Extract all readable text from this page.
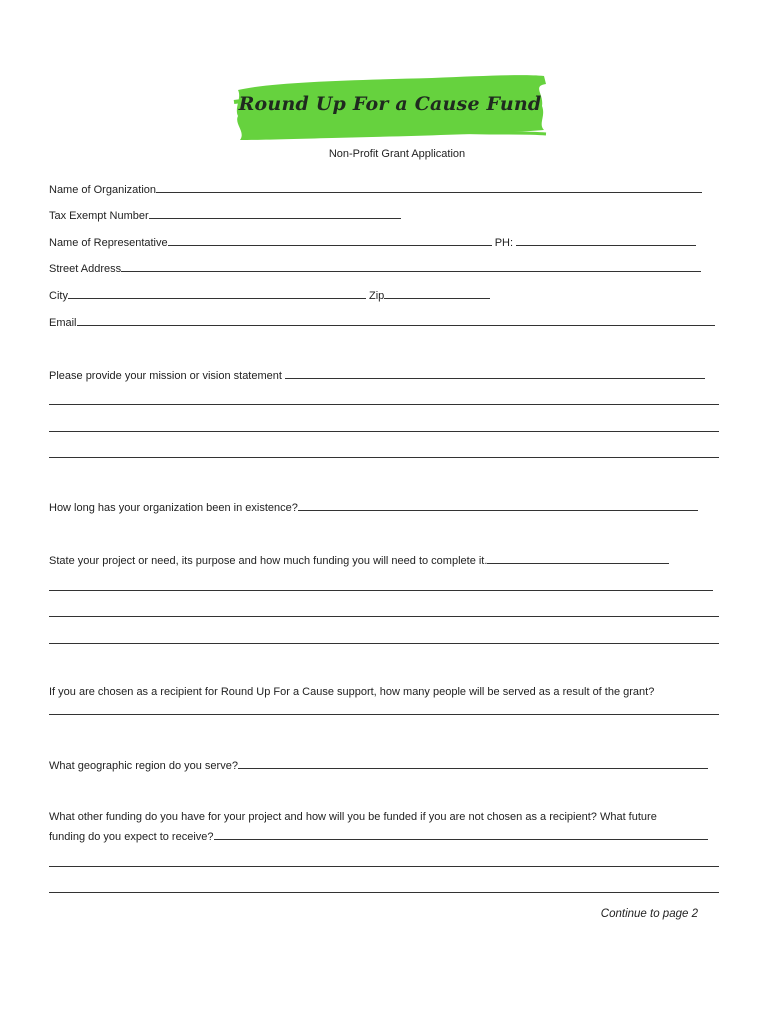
Round Up For a Cause Fund
Non-Profit Grant Application
Name of Organization
Tax Exempt Number
Name of Representative	PH:
Street Address
City	Zip
Email
Please provide your mission or vision statement
How long has your organization been in existence?
State your project or need, its purpose and how much funding you will need to complete it.
If you are chosen as a recipient for Round Up For a Cause support, how many people will be served as a result of the grant?
What geographic region do you serve?
What other funding do you have for your project and how will you be funded if you are not chosen as a recipient? What future
funding do you expect to receive?
Continue to page 2
